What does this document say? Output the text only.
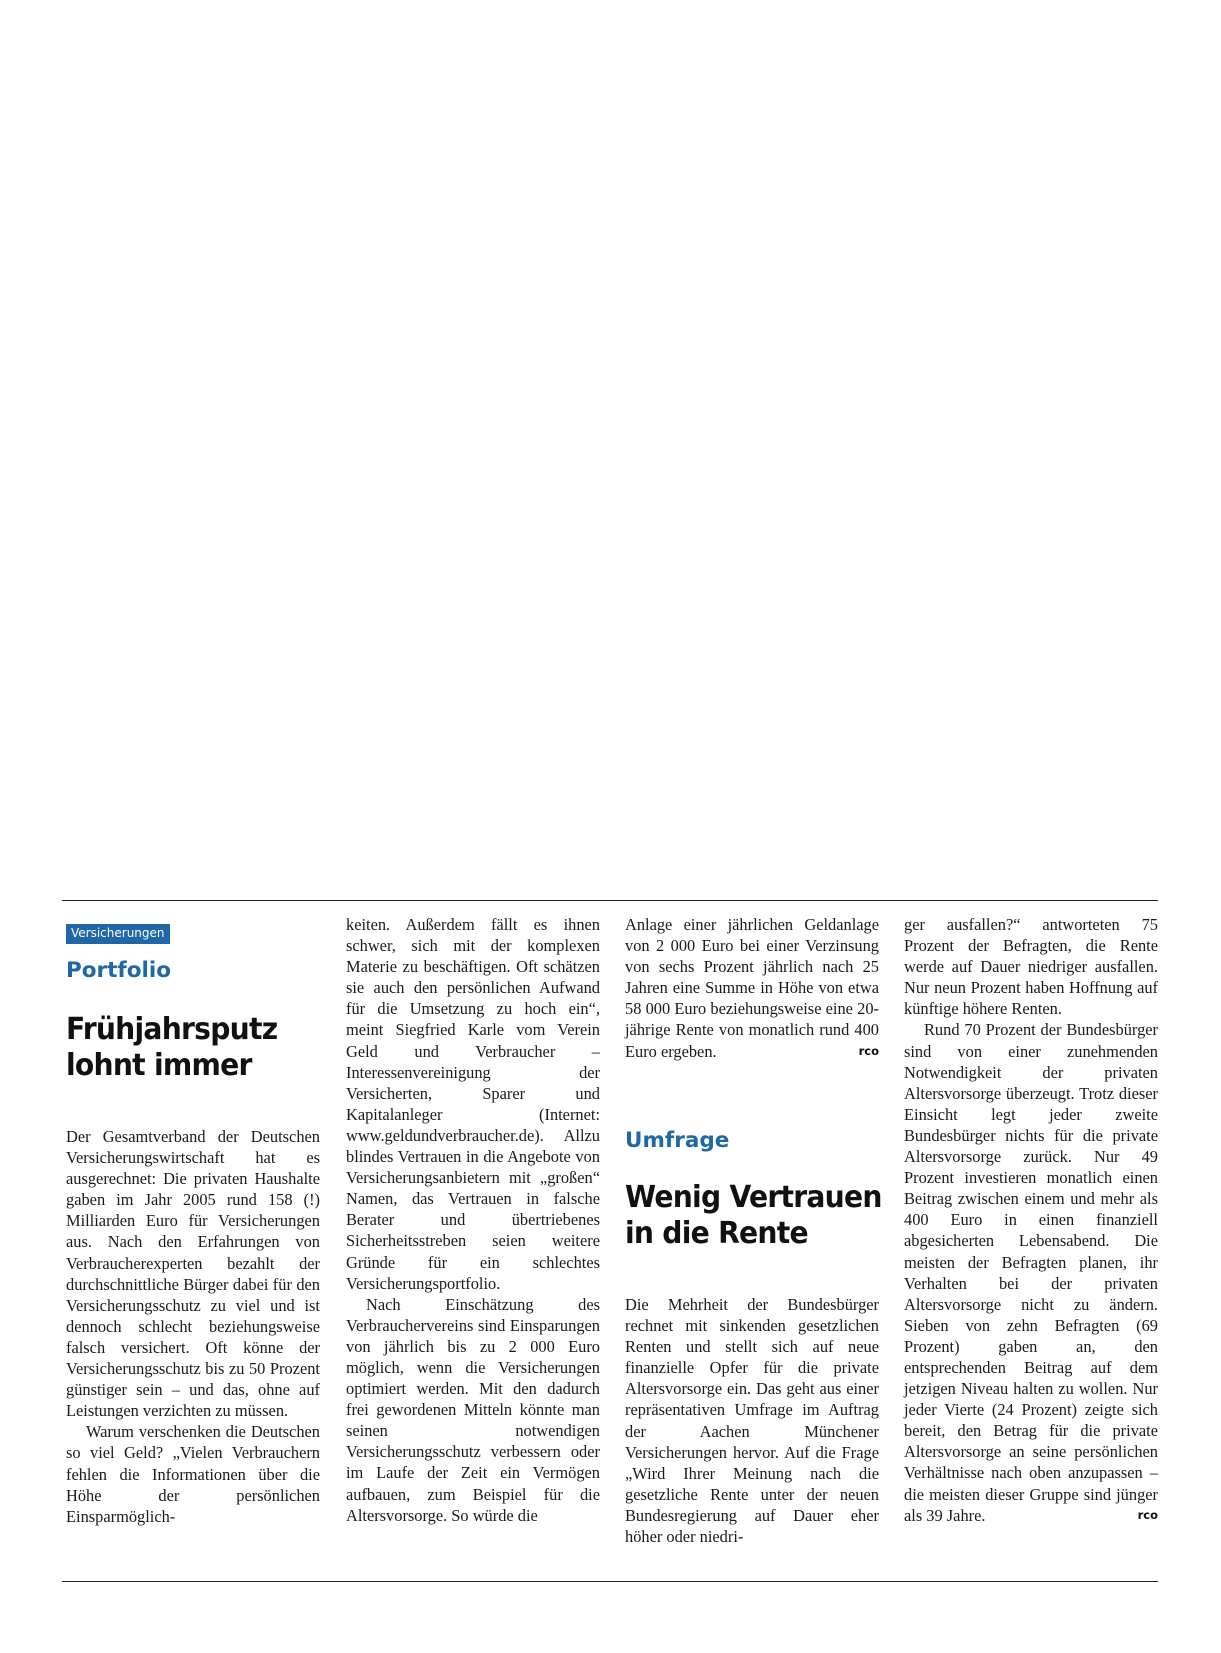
Versicherungen
Portfolio
Frühjahrsputz
lohnt immer

Der Gesamtverband der Deutschen Versicherungswirtschaft hat es ausgerechnet: Die privaten Haushalte gaben im Jahr 2005 rund 158 (!) Milliarden Euro für Versicherungen aus. Nach den Erfahrungen von Verbraucherexperten bezahlt der durchschnittliche Bürger dabei für den Versicherungsschutz zu viel und ist dennoch schlecht beziehungsweise falsch versichert. Oft könne der Versicherungsschutz bis zu 50 Prozent günstiger sein – und das, ohne auf Leistungen verzichten zu müssen.

Warum verschenken die Deutschen so viel Geld? „Vielen Verbrauchern fehlen die Informationen über die Höhe der persönlichen Einsparmöglich-

keiten. Außerdem fällt es ihnen schwer, sich mit der komplexen Materie zu beschäftigen. Oft schätzen sie auch den persönlichen Aufwand für die Umsetzung zu hoch ein“, meint Siegfried Karle vom Verein Geld und Verbraucher – Interessenvereinigung der Versicherten, Sparer und Kapitalanleger (Internet: www.geldundverbraucher.de). Allzu blindes Vertrauen in die Angebote von Versicherungsanbietern mit „großen“ Namen, das Vertrauen in falsche Berater und übertriebenes Sicherheitsstreben seien weitere Gründe für ein schlechtes Versicherungsportfolio.

Nach Einschätzung des Verbrauchervereins sind Einsparungen von jährlich bis zu 2 000 Euro möglich, wenn die Versicherungen optimiert werden. Mit den dadurch frei gewordenen Mitteln könnte man seinen notwendigen Versicherungsschutz verbessern oder im Laufe der Zeit ein Vermögen aufbauen, zum Beispiel für die Altersvorsorge. So würde die

Anlage einer jährlichen Geldanlage von 2 000 Euro bei einer Verzinsung von sechs Prozent jährlich nach 25 Jahren eine Summe in Höhe von etwa 58 000 Euro beziehungsweise eine 20-jährige Rente von monatlich rund 400 Euro ergeben.	rco

Umfrage
Wenig Vertrauen
in die Rente

Die Mehrheit der Bundesbürger rechnet mit sinkenden gesetzlichen Renten und stellt sich auf neue finanzielle Opfer für die private Altersvorsorge ein. Das geht aus einer repräsentativen Umfrage im Auftrag der Aachen Münchener Versicherungen hervor. Auf die Frage „Wird Ihrer Meinung nach die gesetzliche Rente unter der neuen Bundesregierung auf Dauer eher höher oder niedri-

ger ausfallen?“ antworteten 75 Prozent der Befragten, die Rente werde auf Dauer niedriger ausfallen. Nur neun Prozent haben Hoffnung auf künftige höhere Renten.

Rund 70 Prozent der Bundesbürger sind von einer zunehmenden Notwendigkeit der privaten Altersvorsorge überzeugt. Trotz dieser Einsicht legt jeder zweite Bundesbürger nichts für die private Altersvorsorge zurück. Nur 49 Prozent investieren monatlich einen Beitrag zwischen einem und mehr als 400 Euro in einen finanziell abgesicherten Lebensabend. Die meisten der Befragten planen, ihr Verhalten bei der privaten Altersvorsorge nicht zu ändern. Sieben von zehn Befragten (69 Prozent) gaben an, den entsprechenden Beitrag auf dem jetzigen Niveau halten zu wollen. Nur jeder Vierte (24 Prozent) zeigte sich bereit, den Betrag für die private Altersvorsorge an seine persönlichen Verhältnisse nach oben anzupassen – die meisten dieser Gruppe sind jünger als 39 Jahre.	rco
